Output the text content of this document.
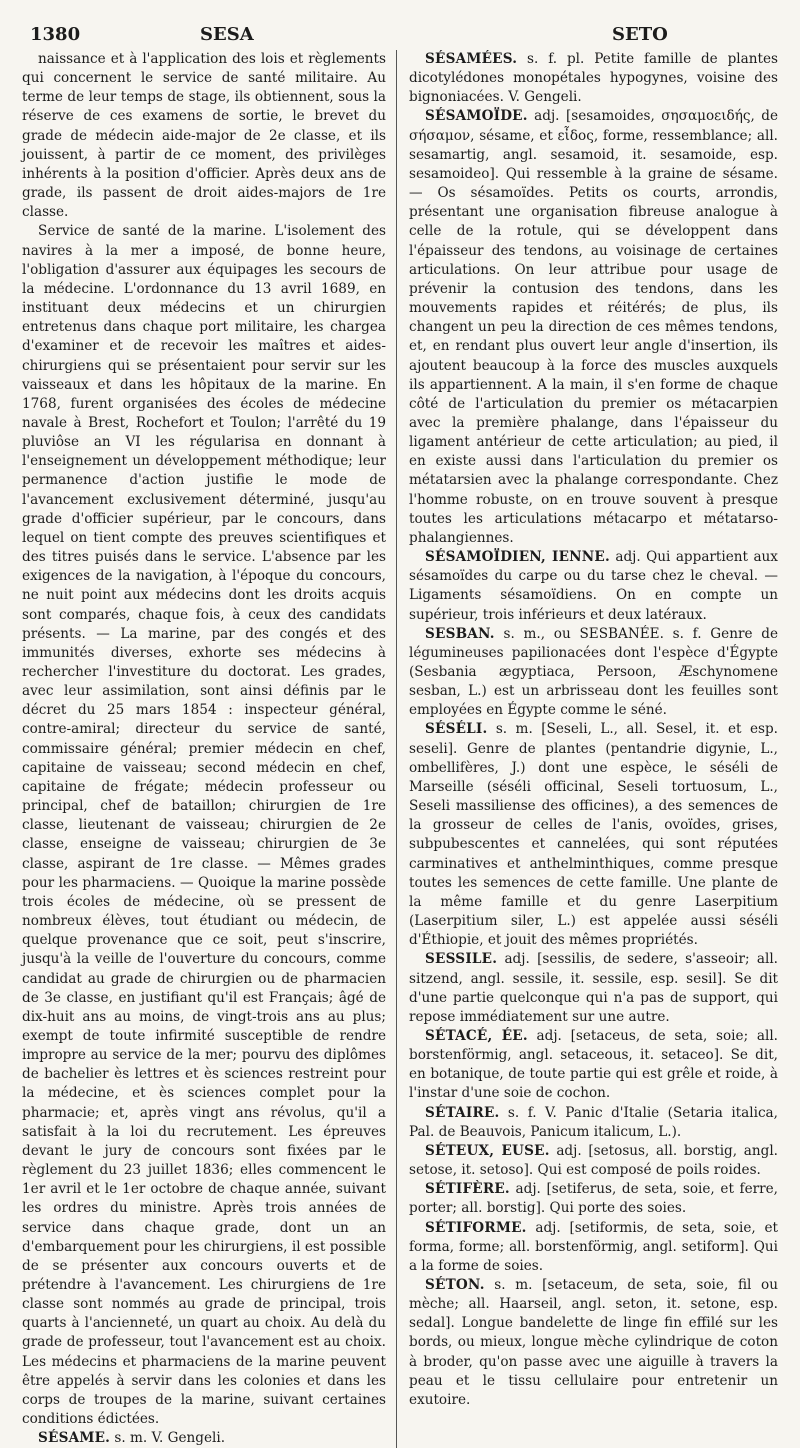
1380	SESA	SETO

naissance et à l'application des lois et règlements qui concernent le service de santé militaire. Au terme de leur temps de stage, ils obtiennent, sous la réserve de ces examens de sortie, le brevet du grade de médecin aide-major de 2e classe, et ils jouissent, à partir de ce moment, des privilèges inhérents à la position d'officier. Après deux ans de grade, ils passent de droit aides-majors de 1re classe.

Service de santé de la marine. L'isolement des navires à la mer a imposé, de bonne heure, l'obligation d'assurer aux équipages les secours de la médecine. L'ordonnance du 13 avril 1689, en instituant deux médecins et un chirurgien entretenus dans chaque port militaire, les chargea d'examiner et de recevoir les maîtres et aides-chirurgiens qui se présentaient pour servir sur les vaisseaux et dans les hôpitaux de la marine. En 1768, furent organisées des écoles de médecine navale à Brest, Rochefort et Toulon; l'arrêté du 19 pluviôse an VI les régularisa en donnant à l'enseignement un développement méthodique; leur permanence d'action justifie le mode de l'avancement exclusivement déterminé, jusqu'au grade d'officier supérieur, par le concours, dans lequel on tient compte des preuves scientifiques et des titres puisés dans le service. L'absence par les exigences de la navigation, à l'époque du concours, ne nuit point aux médecins dont les droits acquis sont comparés, chaque fois, à ceux des candidats présents. — La marine, par des congés et des immunités diverses, exhorte ses médecins à rechercher l'investiture du doctorat. Les grades, avec leur assimilation, sont ainsi définis par le décret du 25 mars 1854 : inspecteur général, contre-amiral; directeur du service de santé, commissaire général; premier médecin en chef, capitaine de vaisseau; second médecin en chef, capitaine de frégate; médecin professeur ou principal, chef de bataillon; chirurgien de 1re classe, lieutenant de vaisseau; chirurgien de 2e classe, enseigne de vaisseau; chirurgien de 3e classe, aspirant de 1re classe. — Mêmes grades pour les pharmaciens. — Quoique la marine possède trois écoles de médecine, où se pressent de nombreux élèves, tout étudiant ou médecin, de quelque provenance que ce soit, peut s'inscrire, jusqu'à la veille de l'ouverture du concours, comme candidat au grade de chirurgien ou de pharmacien de 3e classe, en justifiant qu'il est Français; âgé de dix-huit ans au moins, de vingt-trois ans au plus; exempt de toute infirmité susceptible de rendre impropre au service de la mer; pourvu des diplômes de bachelier ès lettres et ès sciences restreint pour la médecine, et ès sciences complet pour la pharmacie; et, après vingt ans révolus, qu'il a satisfait à la loi du recrutement. Les épreuves devant le jury de concours sont fixées par le règlement du 23 juillet 1836; elles commencent le 1er avril et le 1er octobre de chaque année, suivant les ordres du ministre. Après trois années de service dans chaque grade, dont un an d'embarquement pour les chirurgiens, il est possible de se présenter aux concours ouverts et de prétendre à l'avancement. Les chirurgiens de 1re classe sont nommés au grade de principal, trois quarts à l'ancienneté, un quart au choix. Au delà du grade de professeur, tout l'avancement est au choix. Les médecins et pharmaciens de la marine peuvent être appelés à servir dans les colonies et dans les corps de troupes de la marine, suivant certaines conditions édictées.

SÉSAME. s. m. V. Gengeli.

SÉSAMÉES. s. f. pl. Petite famille de plantes dicotylédones monopétales hypogynes, voisine des bignoniacées. V. Gengeli.

SÉSAMOÏDE. adj. [sesamoides, σησαμοειδής, de σήσαμον, sésame, et εἶδος, forme, ressemblance; all. sesamartig, angl. sesamoid, it. sesamoide, esp. sesamoideo]. Qui ressemble à la graine de sésame. — Os sésamoïdes. Petits os courts, arrondis, présentant une organisation fibreuse analogue à celle de la rotule, qui se développent dans l'épaisseur des tendons, au voisinage de certaines articulations. On leur attribue pour usage de prévenir la contusion des tendons, dans les mouvements rapides et réitérés; de plus, ils changent un peu la direction de ces mêmes tendons, et, en rendant plus ouvert leur angle d'insertion, ils ajoutent beaucoup à la force des muscles auxquels ils appartiennent. A la main, il s'en forme de chaque côté de l'articulation du premier os métacarpien avec la première phalange, dans l'épaisseur du ligament antérieur de cette articulation; au pied, il en existe aussi dans l'articulation du premier os métatarsien avec la phalange correspondante. Chez l'homme robuste, on en trouve souvent à presque toutes les articulations métacarpo et métatarso-phalangiennes.

SÉSAMOÏDIEN, IENNE. adj. Qui appartient aux sésamoïdes du carpe ou du tarse chez le cheval. — Ligaments sésamoïdiens. On en compte un supérieur, trois inférieurs et deux latéraux.

SESBAN. s. m., ou SESBANÉE. s. f. Genre de légumineuses papilionacées dont l'espèce d'Égypte (Sesbania ægyptiaca, Persoon, Æschynomene sesban, L.) est un arbrisseau dont les feuilles sont employées en Égypte comme le séné.

SÉSÉLI. s. m. [Seseli, L., all. Sesel, it. et esp. seseli]. Genre de plantes (pentandrie digynie, L., ombellifères, J.) dont une espèce, le séséli de Marseille (séséli officinal, Seseli tortuosum, L., Seseli massiliense des officines), a des semences de la grosseur de celles de l'anis, ovoïdes, grises, subpubescentes et cannelées, qui sont réputées carminatives et anthelminthiques, comme presque toutes les semences de cette famille. Une plante de la même famille et du genre Laserpitium (Laserpitium siler, L.) est appelée aussi séséli d'Éthiopie, et jouit des mêmes propriétés.

SESSILE. adj. [sessilis, de sedere, s'asseoir; all. sitzend, angl. sessile, it. sessile, esp. sesil]. Se dit d'une partie quelconque qui n'a pas de support, qui repose immédiatement sur une autre.

SÉTACÉ, ÉE. adj. [setaceus, de seta, soie; all. borstenförmig, angl. setaceous, it. setaceo]. Se dit, en botanique, de toute partie qui est grêle et roide, à l'instar d'une soie de cochon.

SÉTAIRE. s. f. V. Panic d'Italie (Setaria italica, Pal. de Beauvois, Panicum italicum, L.).

SÉTEUX, EUSE. adj. [setosus, all. borstig, angl. setose, it. setoso]. Qui est composé de poils roides.

SÉTIFÈRE. adj. [setiferus, de seta, soie, et ferre, porter; all. borstig]. Qui porte des soies.

SÉTIFORME. adj. [setiformis, de seta, soie, et forma, forme; all. borstenförmig, angl. setiform]. Qui a la forme de soies.

SÉTON. s. m. [setaceum, de seta, soie, fil ou mèche; all. Haarseil, angl. seton, it. setone, esp. sedal]. Longue bandelette de linge fin effilé sur les bords, ou mieux, longue mèche cylindrique de coton à broder, qu'on passe avec une aiguille à travers la peau et le tissu cellulaire pour entretenir un exutoire.
